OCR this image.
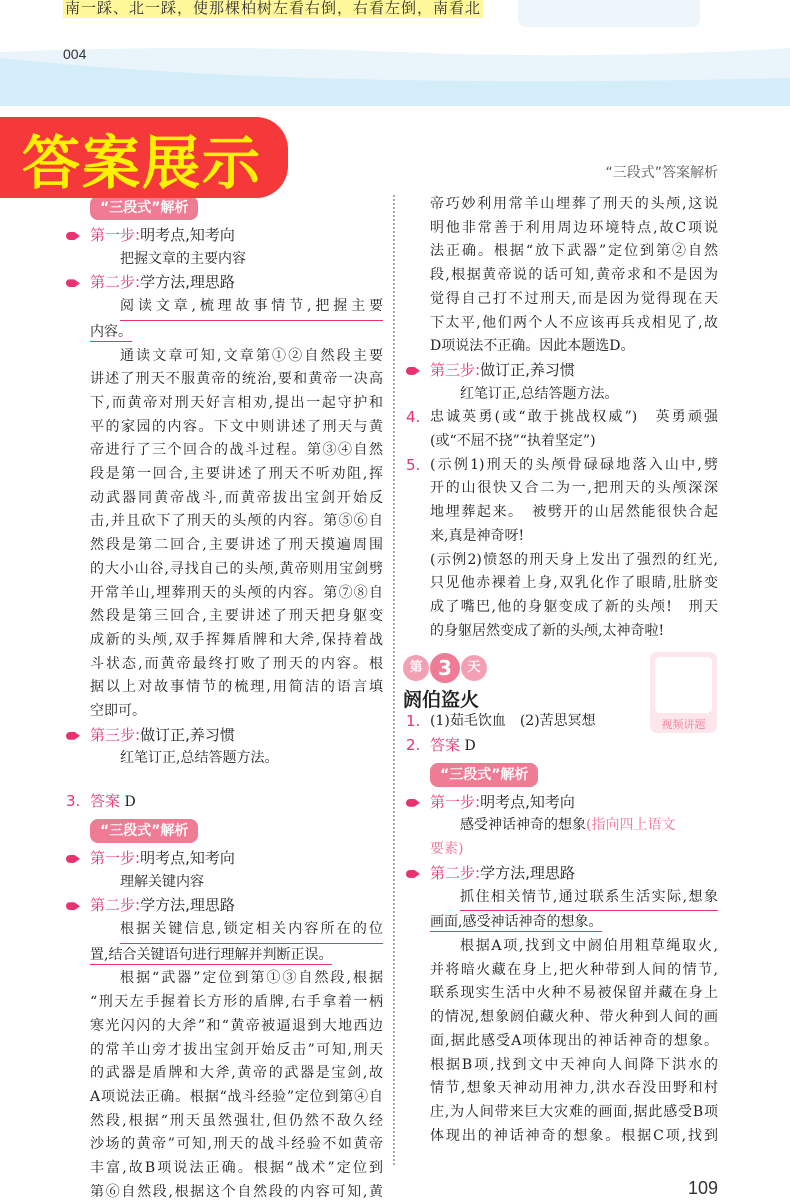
南一踩、北一踩，使那棵柏树左看右倒，右看左倒，南看北
004
答案展示	“三段式”答案解析
“三段式”解析
第一步:明考点,知考向
把握文章的主要内容
第二步:学方法,理思路
阅读文章,梳理故事情节,把握主要
内容。
通读文章可知,文章第①②自然段主要
讲述了刑天不服黄帝的统治,要和黄帝一决高
下,而黄帝对刑天好言相劝,提出一起守护和
平的家园的内容。下文中则讲述了刑天与黄
帝进行了三个回合的战斗过程。第③④自然
段是第一回合,主要讲述了刑天不听劝阻,挥
动武器同黄帝战斗,而黄帝拔出宝剑开始反
击,并且砍下了刑天的头颅的内容。第⑤⑥自
然段是第二回合,主要讲述了刑天摸遍周围
的大小山谷,寻找自己的头颅,黄帝则用宝剑劈
开常羊山,埋葬刑天的头颅的内容。第⑦⑧自
然段是第三回合,主要讲述了刑天把身躯变
成新的头颅,双手挥舞盾牌和大斧,保持着战
斗状态,而黄帝最终打败了刑天的内容。根
据以上对故事情节的梳理,用简洁的语言填
空即可。
第三步:做订正,养习惯
红笔订正,总结答题方法。
3. 答案 D
“三段式”解析
第一步:明考点,知考向
理解关键内容
第二步:学方法,理思路
根据关键信息,锁定相关内容所在的位
置,结合关键语句进行理解并判断正误。
根据“武器”定位到第①③自然段,根据
“刑天左手握着长方形的盾牌,右手拿着一柄
寒光闪闪的大斧”和“黄帝被逼退到大地西边
的常羊山旁才拔出宝剑开始反击”可知,刑天
的武器是盾牌和大斧,黄帝的武器是宝剑,故
A项说法正确。根据“战斗经验”定位到第④自
然段,根据“刑天虽然强壮,但仍然不敌久经
沙场的黄帝”可知,刑天的战斗经验不如黄帝
丰富,故B项说法正确。根据“战术”定位到
第⑥自然段,根据这个自然段的内容可知,黄
帝巧妙利用常羊山埋葬了刑天的头颅,这说
明他非常善于利用周边环境特点,故C项说
法正确。根据“放下武器”定位到第②自然
段,根据黄帝说的话可知,黄帝求和不是因为
觉得自己打不过刑天,而是因为觉得现在天
下太平,他们两个人不应该再兵戎相见了,故
D项说法不正确。因此本题选D。
第三步:做订正,养习惯
红笔订正,总结答题方法。
4. 忠诚英勇(或“敢于挑战权威”)　英勇顽强
(或“不屈不挠”“执着坚定”)
5. (示例1)刑天的头颅骨碌碌地落入山中,劈
开的山很快又合二为一,把刑天的头颅深深
地埋葬起来。　被劈开的山居然能很快合起
来,真是神奇呀!
(示例2)愤怒的刑天身上发出了强烈的红光,
只见他赤裸着上身,双乳化作了眼睛,肚脐变
成了嘴巴,他的身躯变成了新的头颅!　刑天
的身躯居然变成了新的头颅,太神奇啦!
第 3 天
阏伯盗火
1. (1)茹毛饮血　(2)苦思冥想
2. 答案 D
“三段式”解析
第一步:明考点,知考向
感受神话神奇的想象(指向四上语文
要素)
第二步:学方法,理思路
抓住相关情节,通过联系生活实际,想象
画面,感受神话神奇的想象。
根据A项,找到文中阏伯用粗草绳取火,
并将暗火藏在身上,把火种带到人间的情节,
联系现实生活中火种不易被保留并藏在身上
的情况,想象阏伯藏火种、带火种到人间的画
面,据此感受A项体现出的神话神奇的想象。
根据B项,找到文中天神向人间降下洪水的
情节,想象天神动用神力,洪水吞没田野和村
庄,为人间带来巨大灾难的画面,据此感受B项
体现出的神话神奇的想象。根据C项,找到
视频讲题
109
